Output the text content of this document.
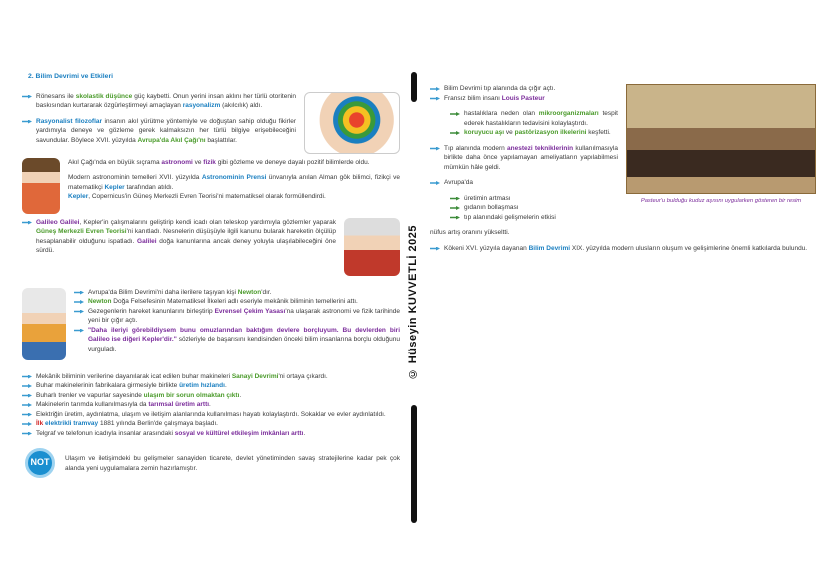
2. Bilim Devrimi ve Etkileri
Rönesans ile skolastik düşünce güç kaybetti. Onun yerini insan aklını her türlü otoritenin baskısından kurtararak özgürleştirmeyi amaçlayan rasyonalizm (akılcılık) aldı.
Rasyonalist filozoflar insanın akıl yürütme yöntemiyle ve doğuştan sahip olduğu fikirler yardımıyla deneye ve gözleme gerek kalmaksızın her türlü bilgiye erişebileceğini savundular. Böylece XVII. yüzyılda Avrupa'da Akıl Çağı'nı başlattılar.
Akıl Çağı'nda en büyük sıçrama astronomi ve fizik gibi gözleme ve deneye dayalı pozitif bilimlerde oldu.
Modern astronominin temelleri XVII. yüzyılda Astronominin Prensi ünvanıyla anılan Alman gök bilimci, fizikçi ve matematikçi Kepler tarafından atıldı.
Kepler, Copernicus'in Güneş Merkezli Evren Teorisi'ni matematiksel olarak formüllendirdi.
Galileo Galilei, Kepler'in çalışmalarını geliştirip kendi icadı olan teleskop yardımıyla gözlemler yaparak Güneş Merkezli Evren Teorisi'ni kanıtladı. Nesnelerin düşüşüyle ilgili kanunu bularak hareketin ölçülüp hesaplanabilir olduğunu ispatladı. Galilei doğa kanunlarına ancak deney yoluyla ulaşılabileceğini öne sürdü.
Avrupa'da Bilim Devrimi'ni daha ilerilere taşıyan kişi Newton'dır.
Newton Doğa Felsefesinin Matematiksel İlkeleri adlı eseriyle mekânik biliminin temellerini attı.
Gezegenlerin hareket kanunlarını birleştirip Evrensel Çekim Yasası'na ulaşarak astronomi ve fizik tarihinde yeni bir çığır açtı.
"Daha ileriyi görebildiysem bunu omuzlarından baktığım devlere borçluyum. Bu devlerden biri Galileo ise diğeri Kepler'dir." sözleriyle de başarısını kendisinden önceki bilim insanlarına borçlu olduğunu vurguladı.
Mekânik biliminin verilerine dayanılarak icat edilen buhar makineleri Sanayi Devrimi'ni ortaya çıkardı.
Buhar makinelerinin fabrikalara girmesiyle birlikte üretim hızlandı.
Buharlı trenler ve vapurlar sayesinde ulaşım bir sorun olmaktan çıktı.
Makinelerin tarımda kullanılmasıyla da tarımsal üretim arttı.
Elektriğin üretim, aydınlatma, ulaşım ve iletişim alanlarında kullanılması hayatı kolaylaştırdı. Sokaklar ve evler aydınlatıldı.
İlk elektrikli tramvay 1881 yılında Berlin'de çalışmaya başladı.
Telgraf ve telefonun icadıyla insanlar arasındaki sosyal ve kültürel etkileşim imkânları arttı.
NOT	Ulaşım ve iletişimdeki bu gelişmeler sanayiden ticarete, devlet yönetiminden savaş stratejilerine kadar pek çok alanda yeni uygulamalara zemin hazırlamıştır.
© Hüseyin KUVVETLİ 2025
Pasteur'u bulduğu kuduz aşısını uygularken gösteren bir resim
Bilim Devrimi tıp alanında da çığır açtı.
Fransız bilim insanı Louis Pasteur
hastalıklara neden olan mikroorganizmaları tespit ederek hastalıkların tedavisini kolaylaştırdı.
koruyucu aşı ve pastörizasyon ilkelerini keşfetti.
Tıp alanında modern anestezi tekniklerinin kullanılmasıyla birlikte daha önce yapılamayan ameliyatların yapılabilmesi mümkün hâle geldi.
Avrupa'da
üretimin artması
gıdanın bollaşması
tıp alanındaki gelişmelerin etkisi
nüfus artış oranını yükseltti.
Kökeni XVI. yüzyıla dayanan Bilim Devrimi XIX. yüzyılda modern ulusların oluşum ve gelişimlerine önemli katkılarda bulundu.
